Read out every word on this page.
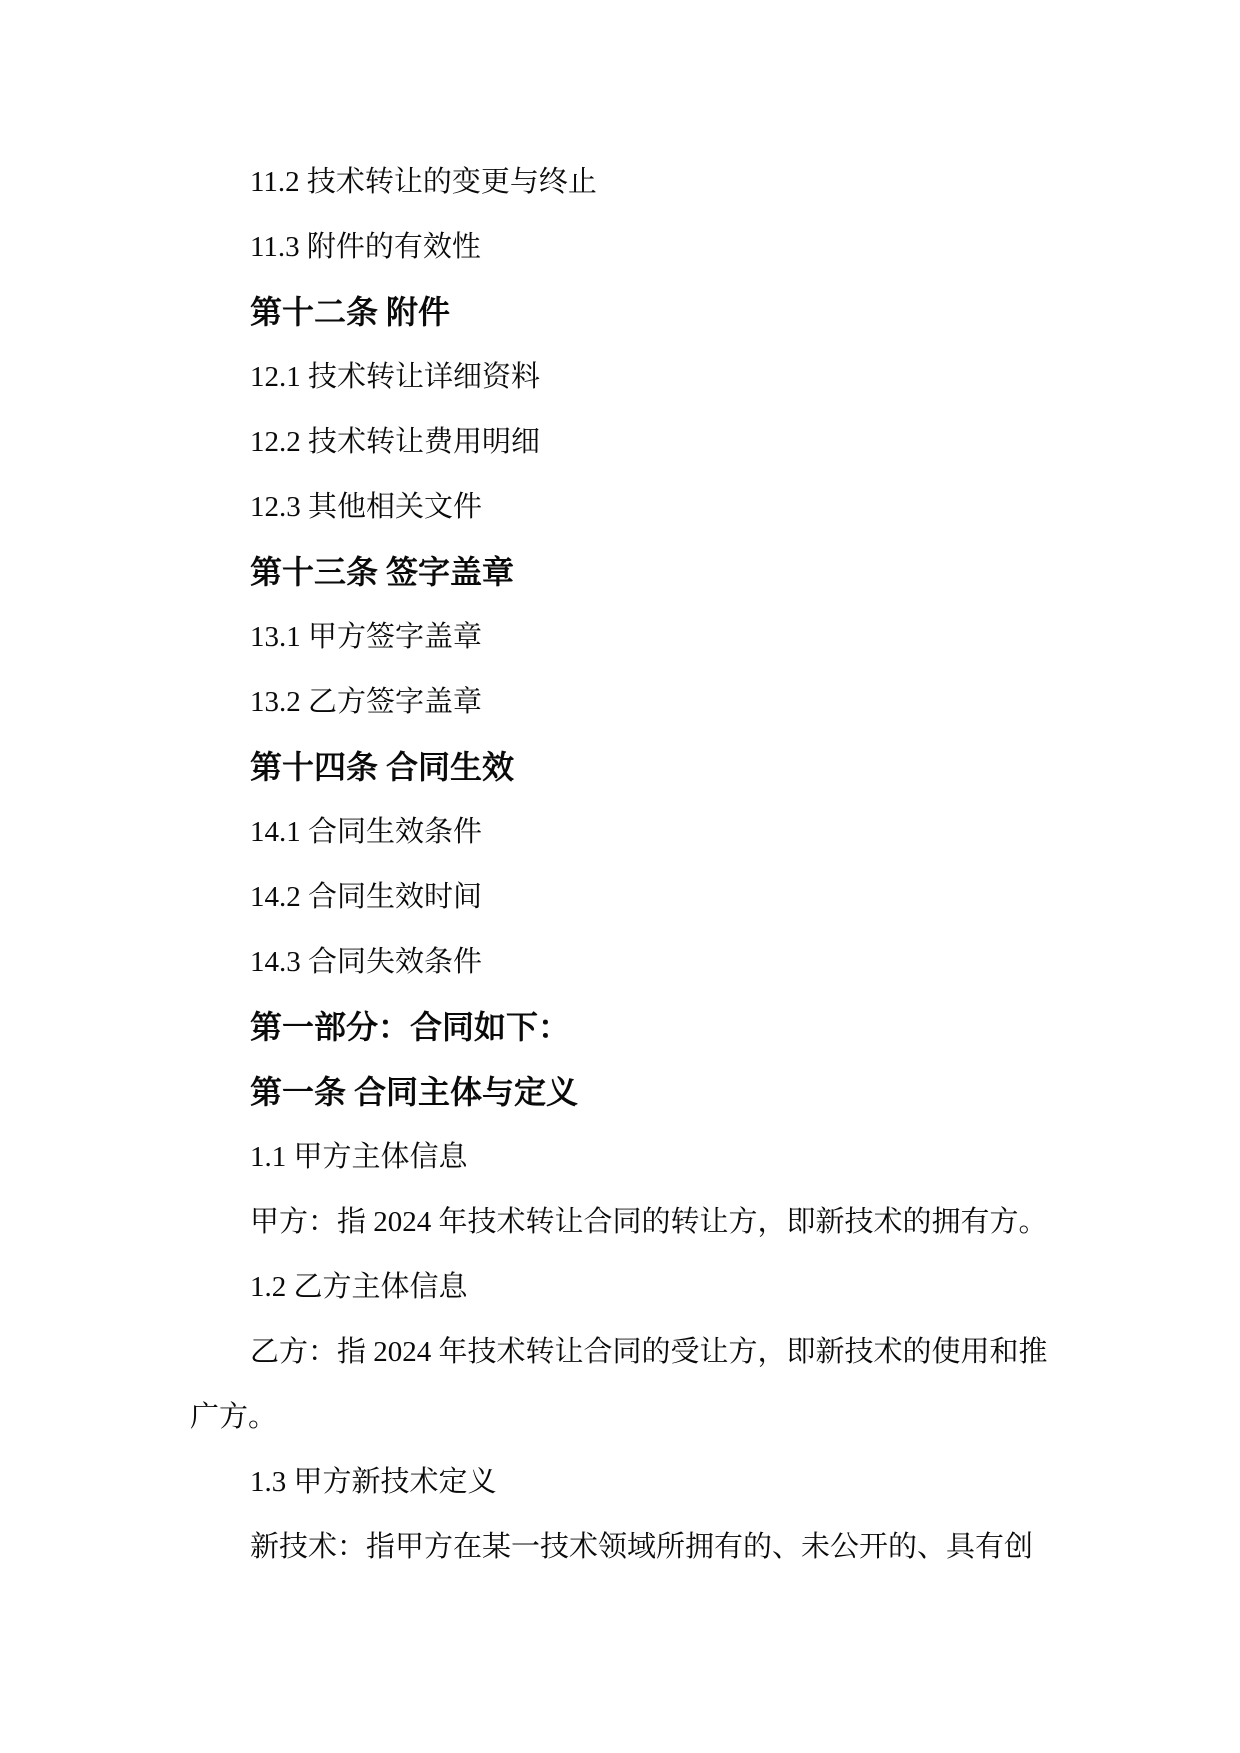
11.2 技术转让的变更与终止
11.3 附件的有效性
第十二条 附件
12.1 技术转让详细资料
12.2 技术转让费用明细
12.3 其他相关文件
第十三条 签字盖章
13.1 甲方签字盖章
13.2 乙方签字盖章
第十四条 合同生效
14.1 合同生效条件
14.2 合同生效时间
14.3 合同失效条件
第一部分：合同如下：
第一条 合同主体与定义
1.1 甲方主体信息
甲方：指 2024 年技术转让合同的转让方，即新技术的拥有方。
1.2 乙方主体信息
乙方：指 2024 年技术转让合同的受让方，即新技术的使用和推
广方。
1.3 甲方新技术定义
新技术：指甲方在某一技术领域所拥有的、未公开的、具有创
